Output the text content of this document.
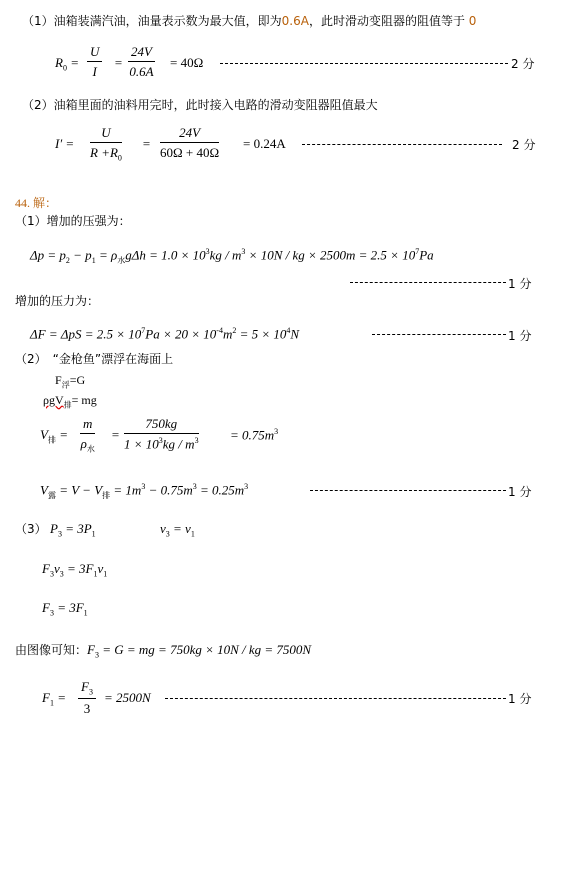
（1）油箱装满汽油，油量表示数为最大值，即为0.6A，此时滑动变阻器的阻值等于 0
$R_0 = \frac{U}{I} = \frac{24V}{0.6A} = 40\Omega$	2 分
（2）油箱里面的油料用完时，此时接入电路的滑动变阻器阻值最大
$I' = \frac{U}{R +R_0} = \frac{24V}{60\Omega + 40\Omega} = 0.24A$	2 分
44. 解：
（1）增加的压强为：
$\Delta p = p_2 - p_1 = \rho_水g\Delta h = 1.0 \times 10^3kg / m^3 \times 10N$ / kg × $2500m = 2.5 \times 10^7Pa$
1 分
增加的压力为：
$\Delta F = \Delta pS = 2.5 \times 10^7Pa \times 20 \times 10^{-4}m^2 = 5 \times 10^4N$	1 分
（2）　“金枪鱼”漂浮在海面上
$F_浮=G$
ρgV$_排$= mg
$V_排$ =
m
$\rho_水$
= $\frac{750kg}{1 \times 10^3kg / m^3} = 0.75m^3$
$V_露 = V - V_排 = 1m^3 - 0.75m^3 = 0.25m^3$	1 分
（3） $P_3 = 3P_1$	$v_3 = v_1$
$F_3v_3 = 3F_1v_1$
$F_3 = 3F_1$
由图像可知：$F_3 = G$ = mg = 750kg × 10N / kg = 7500N
$F_1 = \frac{F_3}{3} = 2500N$	1 分
